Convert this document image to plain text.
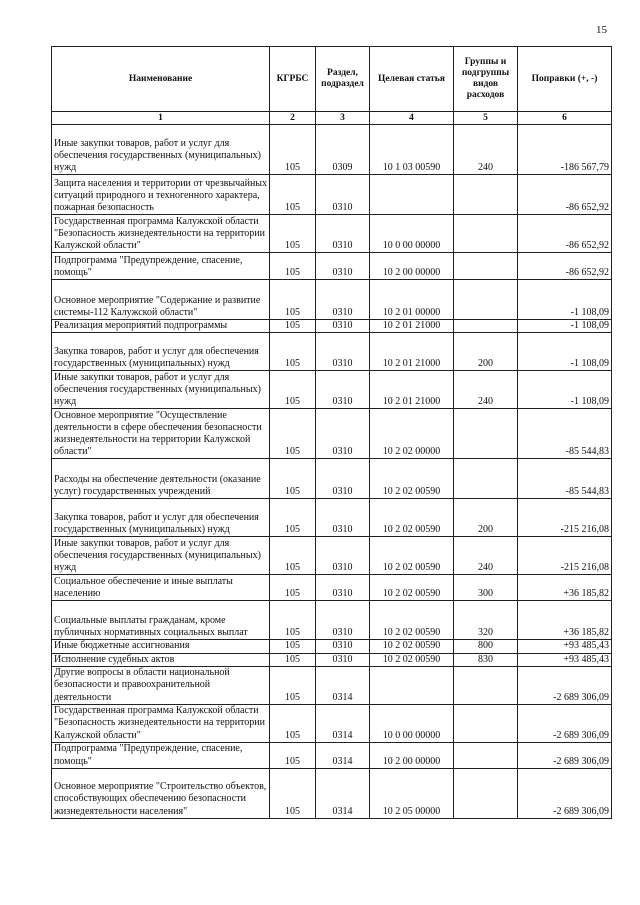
15
Наименование	КГРБС	Раздел, подраздел	Целевая статья	Группы и подгруппы видов расходов	Поправки (+, -)
1	2	3	4	5	6
Иные закупки товаров, работ и услуг для обеспечения государственных (муниципальных) нужд	105	0309	10 1 03 00590	240	-186 567,79
Защита населения и территории от чрезвычайных ситуаций природного и техногенного характера, пожарная безопасность	105	0310			-86 652,92
Государственная программа Калужской области "Безопасность жизнедеятельности на территории Калужской области"	105	0310	10 0 00 00000		-86 652,92
Подпрограмма "Предупреждение, спасение, помощь"	105	0310	10 2 00 00000		-86 652,92
Основное мероприятие "Содержание и развитие системы-112 Калужской области"	105	0310	10 2 01 00000		-1 108,09
Реализация мероприятий подпрограммы	105	0310	10 2 01 21000		-1 108,09
Закупка товаров, работ и услуг для обеспечения государственных (муниципальных) нужд	105	0310	10 2 01 21000	200	-1 108,09
Иные закупки товаров, работ и услуг для обеспечения государственных (муниципальных) нужд	105	0310	10 2 01 21000	240	-1 108,09
Основное мероприятие "Осуществление деятельности в сфере обеспечения безопасности жизнедеятельности на территории Калужской области"	105	0310	10 2 02 00000		-85 544,83
Расходы на обеспечение деятельности (оказание услуг) государственных учреждений	105	0310	10 2 02 00590		-85 544,83
Закупка товаров, работ и услуг для обеспечения государственных (муниципальных) нужд	105	0310	10 2 02 00590	200	-215 216,08
Иные закупки товаров, работ и услуг для обеспечения государственных (муниципальных) нужд	105	0310	10 2 02 00590	240	-215 216,08
Социальное обеспечение и иные выплаты населению	105	0310	10 2 02 00590	300	+36 185,82
Социальные выплаты гражданам, кроме публичных нормативных социальных выплат	105	0310	10 2 02 00590	320	+36 185,82
Иные бюджетные ассигнования	105	0310	10 2 02 00590	800	+93 485,43
Исполнение судебных актов	105	0310	10 2 02 00590	830	+93 485,43
Другие вопросы в области национальной безопасности и правоохранительной деятельности	105	0314			-2 689 306,09
Государственная программа Калужской области "Безопасность жизнедеятельности на территории Калужской области"	105	0314	10 0 00 00000		-2 689 306,09
Подпрограмма "Предупреждение, спасение, помощь"	105	0314	10 2 00 00000		-2 689 306,09
Основное мероприятие "Строительство объектов, способствующих обеспечению безопасности жизнедеятельности населения"	105	0314	10 2 05 00000		-2 689 306,09
